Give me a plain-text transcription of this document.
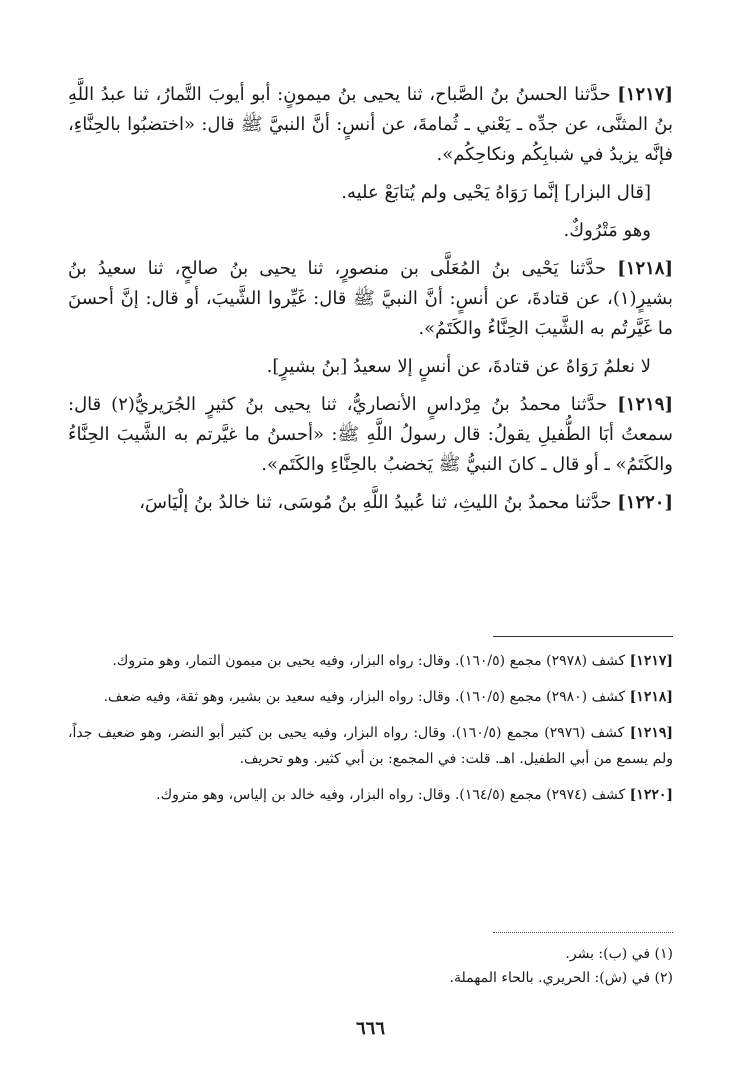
[١٢١٧] حدَّثنا الحسنُ بنُ الصَّباح، ثنا يحيى بنُ ميمونٍ: أبو أيوبَ التَّمارُ، ثنا عبدُ اللَّهِ بنُ المثنَّى، عن جدِّه ـ يَعْني ـ ثُمامةَ، عن أنسٍ: أنَّ النبيَّ ﷺ قال: «اختضبُوا بالحِنَّاءِ، فإنَّه يزيدُ في شبابِكُم ونكاحِكُم».

[قال البزار] إنَّما رَوَاهُ يَحْيى ولم يُتابَعْ عليه.

وهو مَتْرُوكٌ.

[١٢١٨] حدَّثنا يَحْيى بنُ المُعَلَّى بن منصورٍ، ثنا يحيى بنُ صالحٍ، ثنا سعيدُ بنُ بشيرٍ(١)، عن قتادةَ، عن أنسٍ: أنَّ النبيَّ ﷺ قال: غَيِّروا الشَّيبَ، أو قال: إنَّ أحسنَ ما غَيَّرتُم به الشَّيبَ الحِنَّاءُ والكَتَمُ».

لا نعلمُ رَوَاهُ عن قتادةَ، عن أنسٍ إلا سعيدُ [بنُ بشيرٍ].

[١٢١٩] حدَّثنا محمدُ بنُ مِرْداسٍ الأنصاريُّ، ثنا يحيى بنُ كثيرٍ الجُرَيريُّ(٢) قال: سمعتُ أبَا الطُّفيلِ يقولُ: قال رسولُ اللَّهِ ﷺ: «أحسنُ ما غيَّرتم به الشَّيبَ الحِنَّاءُ والكَتَمُ» ـ أو قال ـ كانَ النبيُّ ﷺ يَخضبُ بالحِنَّاءِ والكَتَم».

[١٢٢٠] حدَّثنا محمدُ بنُ الليثِ، ثنا عُبيدُ اللَّهِ بنُ مُوسَى، ثنا خالدُ بنُ إلْيَاسَ،

[١٢١٧] كشف (٢٩٧٨) مجمع (١٦٠/٥). وقال: رواه البزار، وفيه يحيى بن ميمون التمار، وهو متروك.

[١٢١٨] كشف (٢٩٨٠) مجمع (١٦٠/٥). وقال: رواه البزار، وفيه سعيد بن بشير، وهو ثقة، وفيه ضعف.

[١٢١٩] كشف (٢٩٧٦) مجمع (١٦٠/٥). وقال: رواه البزار، وفيه يحيى بن كثير أبو النضر، وهو ضعيف جداً، ولم يسمع من أبي الطفيل. اهـ. قلت: في المجمع: بن أبي كثير. وهو تحريف.

[١٢٢٠] كشف (٢٩٧٤) مجمع (١٦٤/٥). وقال: رواه البزار، وفيه خالد بن إلياس، وهو متروك.

(١) في (ب): بشر.

(٢) في (ش): الحريري. بالحاء المهملة.

٦٦٦
